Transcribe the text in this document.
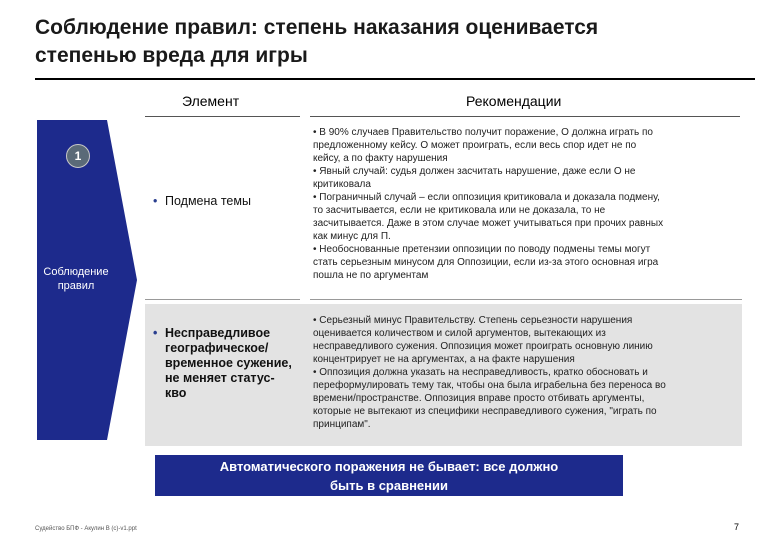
Соблюдение правил: степень наказания оценивается
степенью вреда для игры
Элемент	Рекомендации
1
Соблюдение
правил
• Подмена темы
• Несправедливое географическое/ временное сужение, не меняет статус-кво

• В 90% случаев Правительство получит поражение, О должна играть по

предложенному кейсу. О может проиграть, если весь спор идет не по

кейсу, а по факту нарушения

• Явный случай: судья должен засчитать нарушение, даже если О не

критиковала

• Пограничный случай – если оппозиция критиковала и доказала подмену,

то засчитывается, если не критиковала или не доказала, то не

засчитывается. Даже в этом случае может учитываться при прочих равных

как минус для П.

• Необоснованные претензии оппозиции по поводу подмены темы могут

стать серьезным минусом для Оппозиции, если из-за этого основная игра

пошла не по аргументам

• Серьезный минус Правительству. Степень серьезности нарушения

оценивается количеством и силой аргументов, вытекающих из

несправедливого сужения. Оппозиция может проиграть основную линию

концентрирует не на аргументах, а на факте нарушения

• Оппозиция должна указать на несправедливость, кратко обосновать и

переформулировать тему так, чтобы она была играбельна без переноса во

времени/пространстве. Оппозиция вправе просто отбивать аргументы,

которые не вытекают из специфики несправедливого сужения, "играть по

принципам".

Автоматического поражения не бывает: все должно
быть в сравнении
Судейство БПФ - Акулин В (c)-v1.ppt	7
